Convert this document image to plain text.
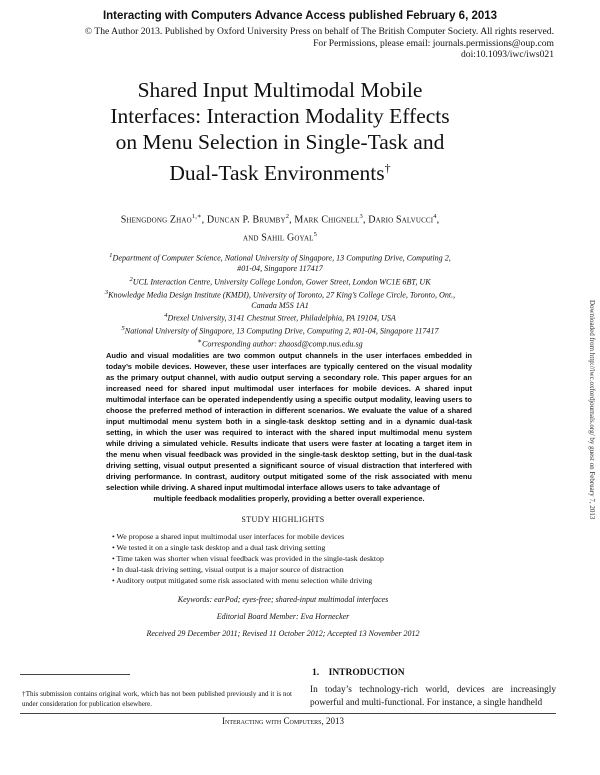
Interacting with Computers Advance Access published February 6, 2013
© The Author 2013. Published by Oxford University Press on behalf of The British Computer Society. All rights reserved.
For Permissions, please email: journals.permissions@oup.com
doi:10.1093/iwc/iws021
Shared Input Multimodal Mobile
Interfaces: Interaction Modality Effects
on Menu Selection in Single-Task and
Dual-Task Environments†
Shengdong Zhao$^{1,∗}$, Duncan P. Brumby$^2$, Mark Chignell$^3$, Dario Salvucci$^4$,
and Sahil Goyal$^5$
$^1$Department of Computer Science, National University of Singapore, 13 Computing Drive, Computing 2,
#01-04, Singapore 117417
$^2$UCL Interaction Centre, University College London, Gower Street, London WC1E 6BT, UK
$^3$Knowledge Media Design Institute (KMDI), University of Toronto, 27 King’s College Circle, Toronto, Ont.,
Canada M5S 1A1
$^4$Drexel University, 3141 Chestnut Street, Philadelphia, PA 19104, USA
$^5$National University of Singapore, 13 Computing Drive, Computing 2, #01-04, Singapore 117417
∗Corresponding author: zhaosd@comp.nus.edu.sg
Audio and visual modalities are two common output channels in the user interfaces embedded in today’s mobile devices. However, these user interfaces are typically centered on the visual modality as the primary output channel, with audio output serving a secondary role. This paper argues for an increased need for shared input multimodal user interfaces for mobile devices. A shared input multimodal interface can be operated independently using a specific output modality, leaving users to choose the preferred method of interaction in different scenarios. We evaluate the value of a shared input multimodal menu system both in a single-task desktop setting and in a dynamic dual-task setting, in which the user was required to interact with the shared input multimodal menu system while driving a simulated vehicle. Results indicate that users were faster at locating a target item in the menu when visual feedback was provided in the single-task desktop setting, but in the dual-task driving setting, visual output presented a significant source of visual distraction that interfered with driving performance. In contrast, auditory output mitigated some of the risk associated with menu selection while driving. A shared input multimodal interface allows users to take advantage of
multiple feedback modalities properly, providing a better overall experience.
STUDY HIGHLIGHTS
• We propose a shared input multimodal user interfaces for mobile devices
• We tested it on a single task desktop and a dual task driving setting
• Time taken was shorter when visual feedback was provided in the single-task desktop
• In dual-task driving setting, visual output is a major source of distraction
• Auditory output mitigated some risk associated with menu selection while driving
Keywords: earPod; eyes-free; shared-input multimodal interfaces
Editorial Board Member: Eva Hornecker
Received 29 December 2011; Revised 11 October 2012; Accepted 13 November 2012
†This submission contains original work, which has not been published previously and it is not under consideration for publication elsewhere.
1. INTRODUCTION
In today’s technology-rich world, devices are increasingly powerful and multi-functional. For instance, a single handheld
Interacting with Computers, 2013
Downloaded from http://iwc.oxfordjournals.org/ by guest on February 7, 2013
